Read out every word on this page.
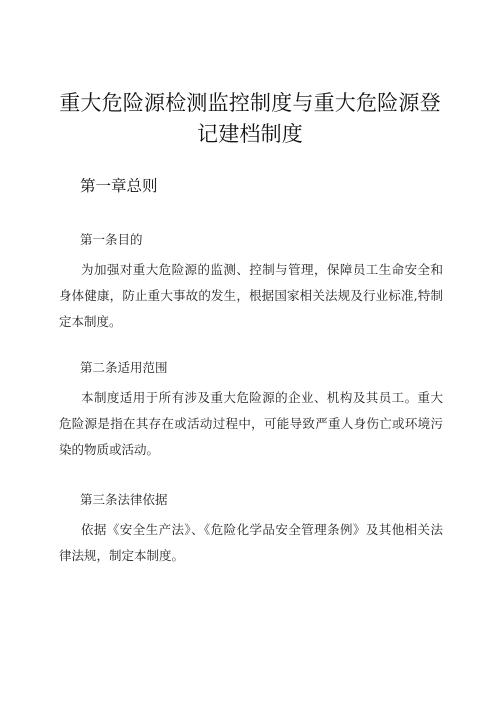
重大危险源检测监控制度与重大危险源登
记建档制度
第一章总则

第一条目的

为加强对重大危险源的监测、控制与管理，保障员工生命安全和身体健康，防止重大事故的发生，根据国家相关法规及行业标准,特制定本制度。

第二条适用范围

本制度适用于所有涉及重大危险源的企业、机构及其员工。重大危险源是指在其存在或活动过程中，可能导致严重人身伤亡或环境污染的物质或活动。

第三条法律依据

依据《安全生产法》、《危险化学品安全管理条例》及其他相关法律法规，制定本制度。
